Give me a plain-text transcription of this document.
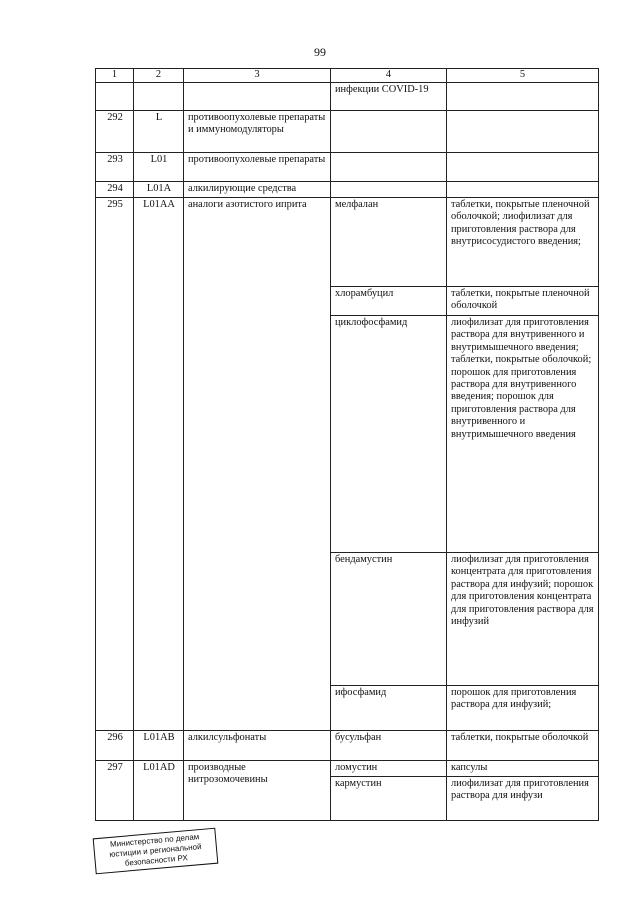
99
1	2	3	4	5
			инфекции COVID-19	
292	L	противоопухолевые препараты и иммуномодуляторы		
293	L01	противоопухолевые препараты		
294	L01A	алкилирующие средства		
295	L01AA	аналоги азотистого иприта	мелфалан	таблетки, покрытые пленочной оболочкой; лиофилизат для приготовления раствора для внутрисосудистого введения;
			хлорамбуцил	таблетки, покрытые пленочной оболочкой
			циклофосфамид	лиофилизат для приготовления раствора для внутривенного и внутримышечного введения; таблетки, покрытые оболочкой; порошок для приготовления раствора для внутривенного введения; порошок для приготовления раствора для внутривенного и внутримышечного введения
			бендамустин	лиофилизат для приготовления концентрата для приготовления раствора для инфузий; порошок для приготовления концентрата для приготовления раствора для инфузий
			ифосфамид	порошок для приготовления раствора для инфузий;
296	L01AB	алкилсульфонаты	бусульфан	таблетки, покрытые оболочкой
297	L01AD	производные нитрозомочевины	ломустин	капсулы
			кармустин	лиофилизат для приготовления раствора для инфузи
Министерство по делам юстиции и региональной безопасности РХ
